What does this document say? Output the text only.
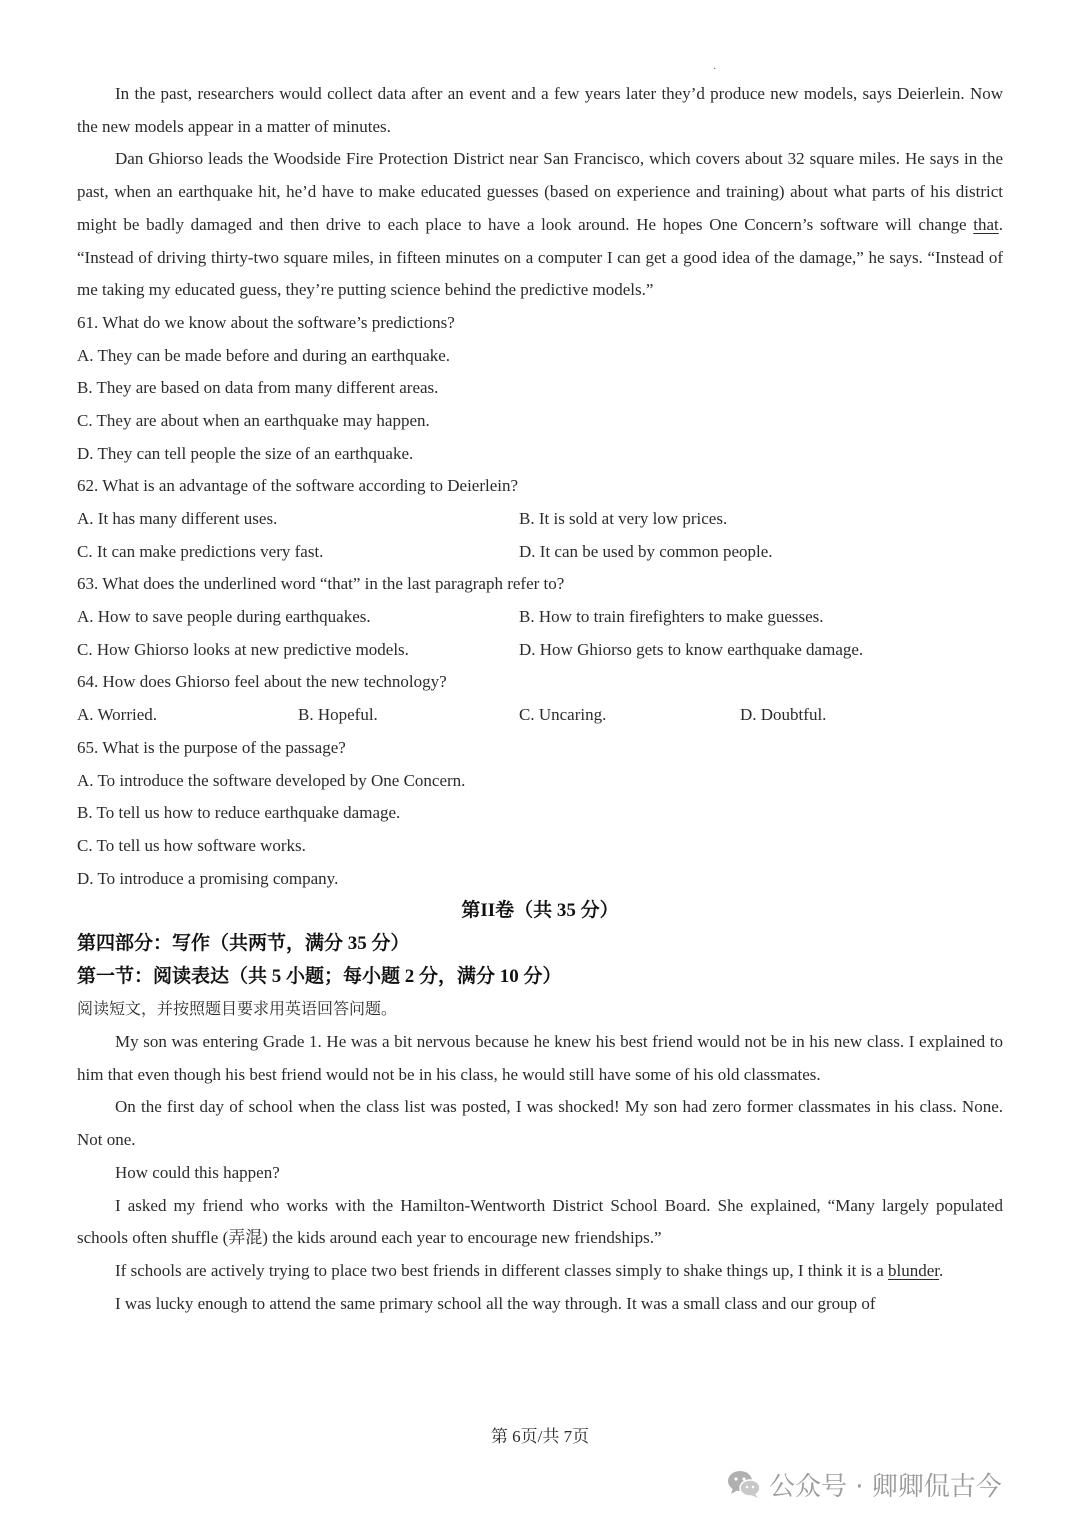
·

In the past, researchers would collect data after an event and a few years later they’d produce new models, says Deierlein. Now the new models appear in a matter of minutes.

Dan Ghiorso leads the Woodside Fire Protection District near San Francisco, which covers about 32 square miles. He says in the past, when an earthquake hit, he’d have to make educated guesses (based on experience and training) about what parts of his district might be badly damaged and then drive to each place to have a look around. He hopes One Concern’s software will change that. “Instead of driving thirty-two square miles, in fifteen minutes on a computer I can get a good idea of the damage,” he says. “Instead of me taking my educated guess, they’re putting science behind the predictive models.”

61. What do we know about the software’s predictions?
A. They can be made before and during an earthquake.
B. They are based on data from many different areas.
C. They are about when an earthquake may happen.
D. They can tell people the size of an earthquake.
62. What is an advantage of the software according to Deierlein?
A. It has many different uses.	B. It is sold at very low prices.
C. It can make predictions very fast.	D. It can be used by common people.
63. What does the underlined word “that” in the last paragraph refer to?
A. How to save people during earthquakes.	B. How to train firefighters to make guesses.
C. How Ghiorso looks at new predictive models.	D. How Ghiorso gets to know earthquake damage.
64. How does Ghiorso feel about the new technology?
A. Worried.	B. Hopeful.	C. Uncaring.	D. Doubtful.
65. What is the purpose of the passage?
A. To introduce the software developed by One Concern.
B. To tell us how to reduce earthquake damage.
C. To tell us how software works.
D. To introduce a promising company.
第II卷（共 35 分）
第四部分：写作（共两节，满分 35 分）
第一节：阅读表达（共 5 小题；每小题 2 分，满分 10 分）
阅读短文，并按照题目要求用英语回答问题。

My son was entering Grade 1. He was a bit nervous because he knew his best friend would not be in his new class. I explained to him that even though his best friend would not be in his class, he would still have some of his old classmates.

On the first day of school when the class list was posted, I was shocked! My son had zero former classmates in his class. None. Not one.

How could this happen?

I asked my friend who works with the Hamilton-Wentworth District School Board. She explained, “Many largely populated schools often shuffle (弄混) the kids around each year to encourage new friendships.”

If schools are actively trying to place two best friends in different classes simply to shake things up, I think it is a blunder.

I was lucky enough to attend the same primary school all the way through. It was a small class and our group of

第 6页/共 7页
公众号 · 卿卿侃古今
